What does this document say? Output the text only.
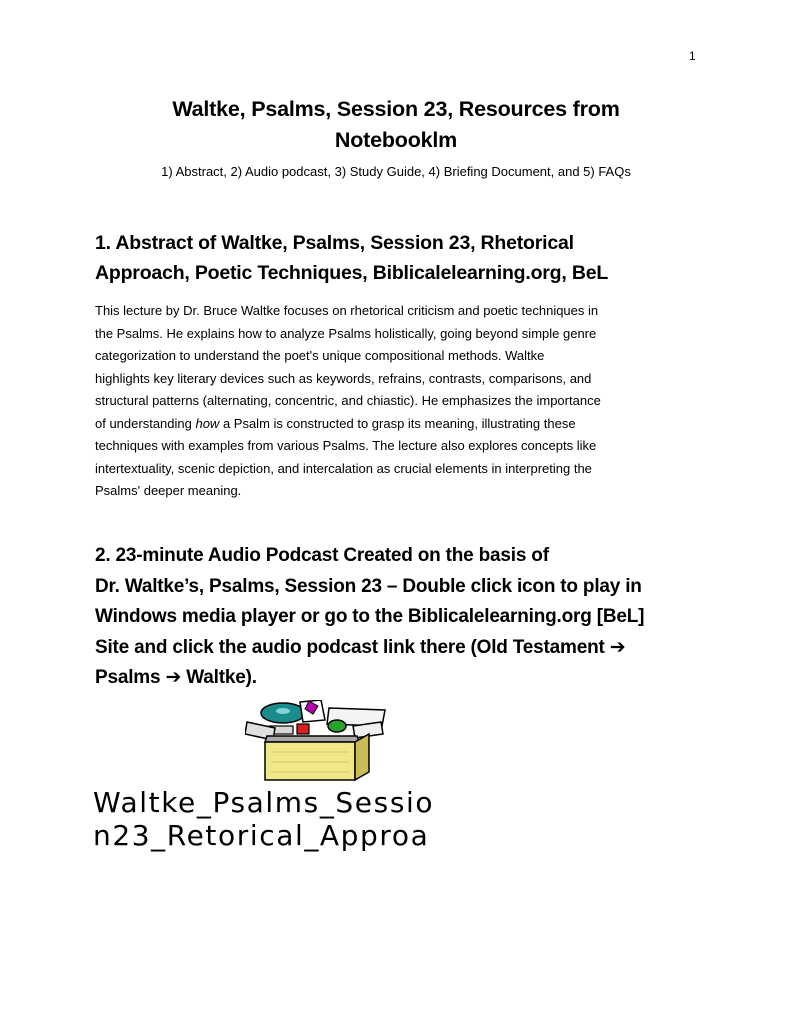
1
Waltke, Psalms, Session 23, Resources from
Notebooklm
1) Abstract, 2) Audio podcast, 3) Study Guide, 4) Briefing Document, and 5) FAQs
1. Abstract of Waltke, Psalms, Session 23, Rhetorical
Approach, Poetic Techniques, Biblicalelearning.org, BeL
This lecture by Dr. Bruce Waltke focuses on rhetorical criticism and poetic techniques in
the Psalms. He explains how to analyze Psalms holistically, going beyond simple genre
categorization to understand the poet's unique compositional methods. Waltke
highlights key literary devices such as keywords, refrains, contrasts, comparisons, and
structural patterns (alternating, concentric, and chiastic). He emphasizes the importance
of understanding how a Psalm is constructed to grasp its meaning, illustrating these
techniques with examples from various Psalms. The lecture also explores concepts like
intertextuality, scenic depiction, and intercalation as crucial elements in interpreting the
Psalms' deeper meaning.
2. 23-minute Audio Podcast Created on the basis of
Dr. Waltke’s, Psalms, Session 23 – Double click icon to play in
Windows media player or go to the Biblicalelearning.org [BeL]
Site and click the audio podcast link there (Old Testament ➔
Psalms ➔ Waltke).
Waltke_Psalms_Sessio
n23_Retorical_Approa
